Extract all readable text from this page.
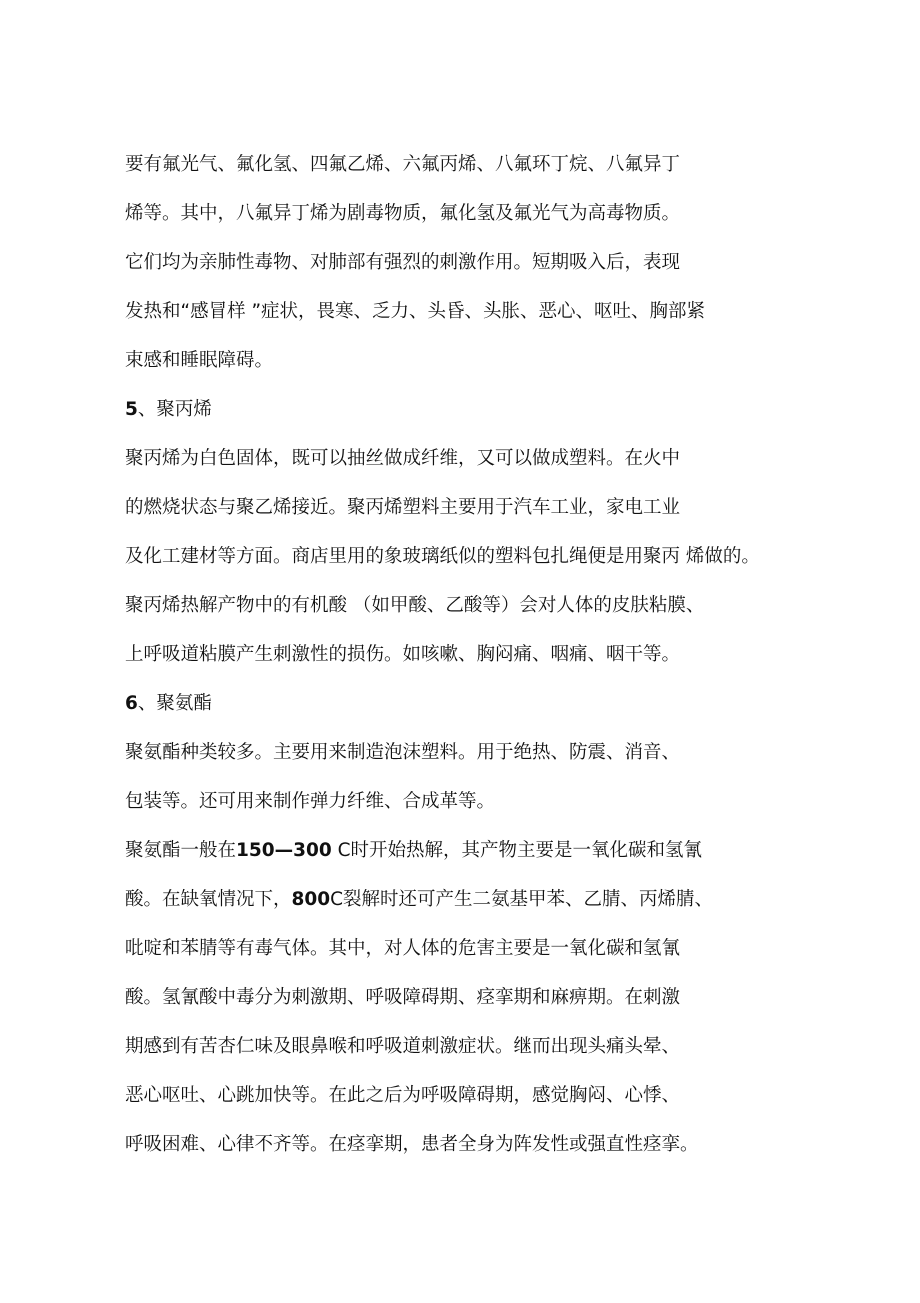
要有氟光气、氟化氢、四氟乙烯、六氟丙烯、八氟环丁烷、八氟异丁
烯等。其中，八氟异丁烯为剧毒物质，氟化氢及氟光气为高毒物质。
它们均为亲肺性毒物、对肺部有强烈的刺激作用。短期吸入后，表现
发热和“感冒样 ”症状，畏寒、乏力、头昏、头胀、恶心、呕吐、胸部紧
束感和睡眠障碍。
5、聚丙烯
聚丙烯为白色固体，既可以抽丝做成纤维，又可以做成塑料。在火中
的燃烧状态与聚乙烯接近。聚丙烯塑料主要用于汽车工业，家电工业
及化工建材等方面。商店里用的象玻璃纸似的塑料包扎绳便是用聚丙 烯做的。
聚丙烯热解产物中的有机酸 （如甲酸、乙酸等）会对人体的皮肤粘膜、
上呼吸道粘膜产生刺激性的损伤。如咳嗽、胸闷痛、咽痛、咽干等。
6、聚氨酯
聚氨酯种类较多。主要用来制造泡沫塑料。用于绝热、防震、消音、
包装等。还可用来制作弹力纤维、合成革等。
聚氨酯一般在150—300 C时开始热解，其产物主要是一氧化碳和氢氰
酸。在缺氧情况下，800C裂解时还可产生二氨基甲苯、乙腈、丙烯腈、
吡啶和苯腈等有毒气体。其中，对人体的危害主要是一氧化碳和氢氰
酸。氢氰酸中毒分为刺激期、呼吸障碍期、痉挛期和麻痹期。在刺激
期感到有苦杏仁味及眼鼻喉和呼吸道刺激症状。继而出现头痛头晕、
恶心呕吐、心跳加快等。在此之后为呼吸障碍期，感觉胸闷、心悸、
呼吸困难、心律不齐等。在痉挛期，患者全身为阵发性或强直性痉挛。
